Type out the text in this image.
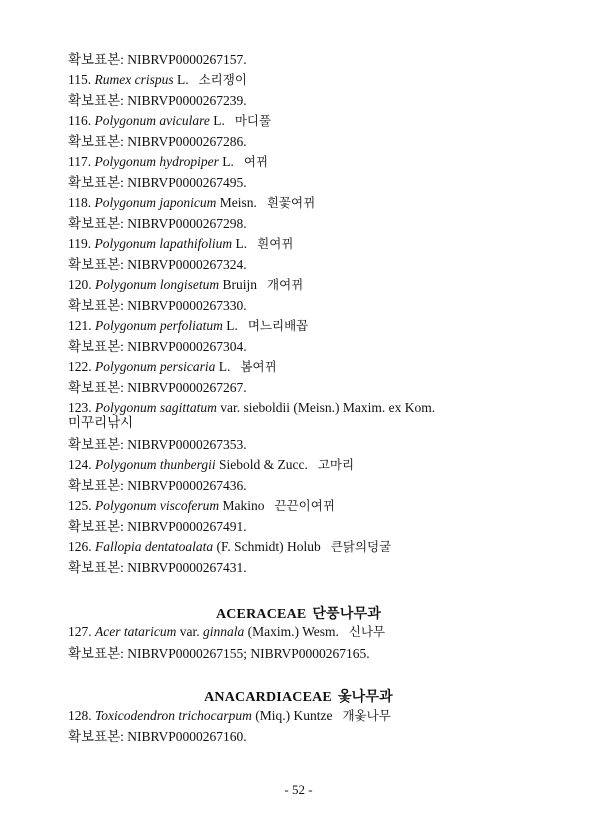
확보표본: NIBRVP0000267157.
115. Rumex crispus L. 소리쟁이
확보표본: NIBRVP0000267239.
116. Polygonum aviculare L. 마디풀
확보표본: NIBRVP0000267286.
117. Polygonum hydropiper L. 여뀌
확보표본: NIBRVP0000267495.
118. Polygonum japonicum Meisn. 흰꽃여뀌
확보표본: NIBRVP0000267298.
119. Polygonum lapathifolium L. 흰여뀌
확보표본: NIBRVP0000267324.
120. Polygonum longisetum Bruijn 개여뀌
확보표본: NIBRVP0000267330.
121. Polygonum perfoliatum L. 며느리배꼽
확보표본: NIBRVP0000267304.
122. Polygonum persicaria L. 봄여뀌
확보표본: NIBRVP0000267267.
123. Polygonum sagittatum var. sieboldii (Meisn.) Maxim. ex Kom.
미꾸리낚시
확보표본: NIBRVP0000267353.
124. Polygonum thunbergii Siebold & Zucc. 고마리
확보표본: NIBRVP0000267436.
125. Polygonum viscoferum Makino 끈끈이여뀌
확보표본: NIBRVP0000267491.
126. Fallopia dentatoalata (F. Schmidt) Holub 큰닭의덩굴
확보표본: NIBRVP0000267431.
ACERACEAE 단풍나무과
127. Acer tataricum var. ginnala (Maxim.) Wesm. 신나무
확보표본: NIBRVP0000267155; NIBRVP0000267165.
ANACARDIACEAE 옻나무과
128. Toxicodendron trichocarpum (Miq.) Kuntze 개옻나무
확보표본: NIBRVP0000267160.
- 52 -
